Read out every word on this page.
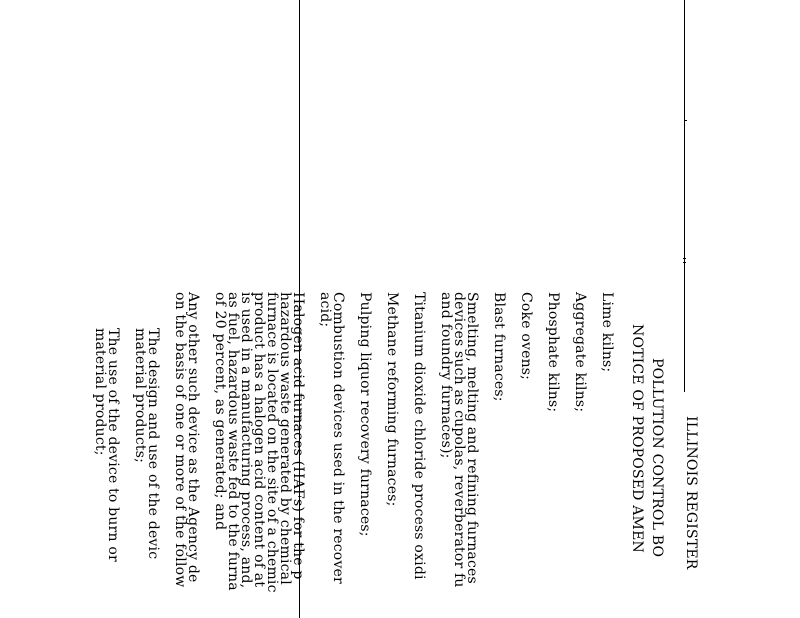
ILLINOIS REGISTER
POLLUTION CONTROL BO
NOTICE OF PROPOSED AMEN
Lime kilns;
Aggregate kilns;
Phosphate kilns;
Coke ovens;
Blast furnaces;
Smelting, melting and refining furnaces
devices such as cupolas, reverberator fu
and foundry furnaces);
Titanium dioxide chloride process oxidi
Methane reforming furnaces;
Pulping liquor recovery furnaces;
Combustion devices used in the recover
acid;
Halogen acid furnaces (HAFs) for the p
hazardous waste generated by chemical
furnace is located on the site of a chemic
product has a halogen acid content of at
is used in a manufacturing process, and,
as fuel, hazardous waste fed to the furna
of 20 percent, as generated; and
Any other such device as the Agency de
on the basis of one or more of the follow
The design and use of the devic
material products;
The use of the device to burn or
material product;
